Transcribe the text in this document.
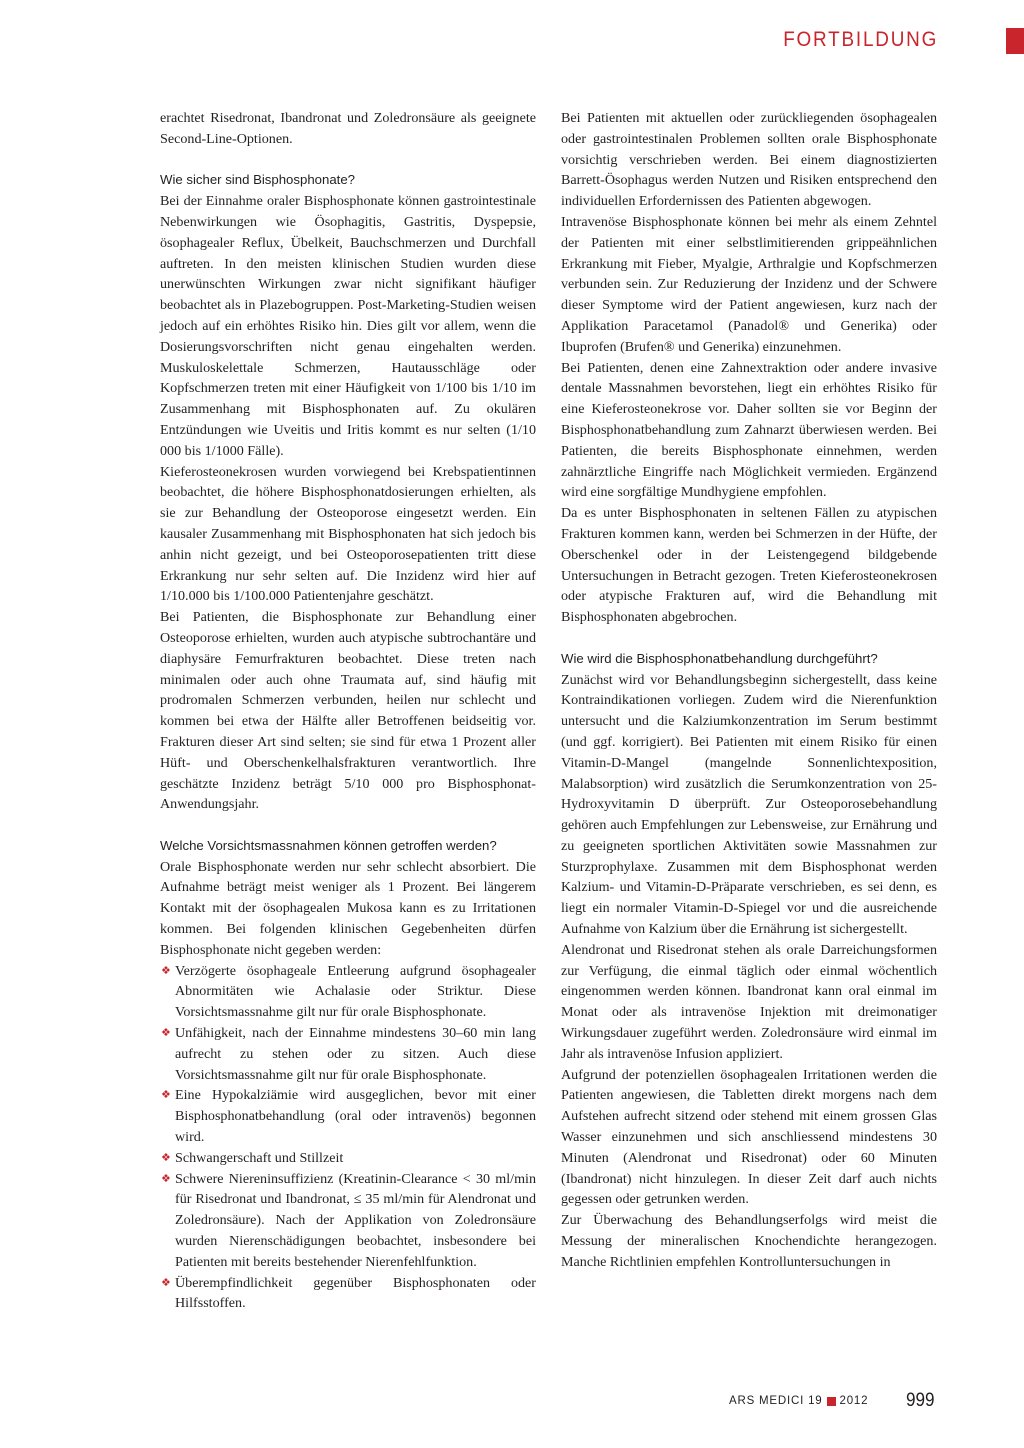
FORTBILDUNG

erachtet Risedronat, Ibandronat und Zoledronsäure als geeignete Second-Line-Optionen.

Wie sicher sind Bisphosphonate?

Bei der Einnahme oraler Bisphosphonate können gastrointestinale Nebenwirkungen wie Ösophagitis, Gastritis, Dyspepsie, ösophagealer Reflux, Übelkeit, Bauchschmerzen und Durchfall auftreten. In den meisten klinischen Studien wurden diese unerwünschten Wirkungen zwar nicht signifikant häufiger beobachtet als in Plazebogruppen. Post-Marketing-Studien weisen jedoch auf ein erhöhtes Risiko hin. Dies gilt vor allem, wenn die Dosierungsvorschriften nicht genau eingehalten werden. Muskuloskelettale Schmerzen, Hautausschläge oder Kopfschmerzen treten mit einer Häufigkeit von 1/100 bis 1/10 im Zusammenhang mit Bisphosphonaten auf. Zu okulären Entzündungen wie Uveitis und Iritis kommt es nur selten (1/10 000 bis 1/1000 Fälle).

Kieferosteonekrosen wurden vorwiegend bei Krebspatientinnen beobachtet, die höhere Bisphosphonatdosierungen erhielten, als sie zur Behandlung der Osteoporose eingesetzt werden. Ein kausaler Zusammenhang mit Bisphosphonaten hat sich jedoch bis anhin nicht gezeigt, und bei Osteoporosepatienten tritt diese Erkrankung nur sehr selten auf. Die Inzidenz wird hier auf 1/10.000 bis 1/100.000 Patientenjahre geschätzt.

Bei Patienten, die Bisphosphonate zur Behandlung einer Osteoporose erhielten, wurden auch atypische subtrochantäre und diaphysäre Femurfrakturen beobachtet. Diese treten nach minimalen oder auch ohne Traumata auf, sind häufig mit prodromalen Schmerzen verbunden, heilen nur schlecht und kommen bei etwa der Hälfte aller Betroffenen beidseitig vor. Frakturen dieser Art sind selten; sie sind für etwa 1 Prozent aller Hüft- und Oberschenkelhalsfrakturen verantwortlich. Ihre geschätzte Inzidenz beträgt 5/10 000 pro Bisphosphonat-Anwendungsjahr.

Welche Vorsichtsmassnahmen können getroffen werden?

Orale Bisphosphonate werden nur sehr schlecht absorbiert. Die Aufnahme beträgt meist weniger als 1 Prozent. Bei längerem Kontakt mit der ösophagealen Mukosa kann es zu Irritationen kommen. Bei folgenden klinischen Gegebenheiten dürfen Bisphosphonate nicht gegeben werden:

❖ Verzögerte ösophageale Entleerung aufgrund ösophagealer Abnormitäten wie Achalasie oder Striktur. Diese Vorsichtsmassnahme gilt nur für orale Bisphosphonate.
❖ Unfähigkeit, nach der Einnahme mindestens 30–60 min lang aufrecht zu stehen oder zu sitzen. Auch diese Vorsichtsmassnahme gilt nur für orale Bisphosphonate.
❖ Eine Hypokalziämie wird ausgeglichen, bevor mit einer Bisphosphonatbehandlung (oral oder intravenös) begonnen wird.
❖ Schwangerschaft und Stillzeit
❖ Schwere Niereninsuffizienz (Kreatinin-Clearance < 30 ml/min für Risedronat und Ibandronat, ≤ 35 ml/min für Alendronat und Zoledronsäure). Nach der Applikation von Zoledronsäure wurden Nierenschädigungen beobachtet, insbesondere bei Patienten mit bereits bestehender Nierenfehlfunktion.
❖ Überempfindlichkeit gegenüber Bisphosphonaten oder Hilfsstoffen.

Bei Patienten mit aktuellen oder zurückliegenden ösophagealen oder gastrointestinalen Problemen sollten orale Bisphosphonate vorsichtig verschrieben werden. Bei einem diagnostizierten Barrett-Ösophagus werden Nutzen und Risiken entsprechend den individuellen Erfordernissen des Patienten abgewogen.

Intravenöse Bisphosphonate können bei mehr als einem Zehntel der Patienten mit einer selbstlimitierenden grippeähnlichen Erkrankung mit Fieber, Myalgie, Arthralgie und Kopfschmerzen verbunden sein. Zur Reduzierung der Inzidenz und der Schwere dieser Symptome wird der Patient angewiesen, kurz nach der Applikation Paracetamol (Panadol® und Generika) oder Ibuprofen (Brufen® und Generika) einzunehmen.

Bei Patienten, denen eine Zahnextraktion oder andere invasive dentale Massnahmen bevorstehen, liegt ein erhöhtes Risiko für eine Kieferosteonekrose vor. Daher sollten sie vor Beginn der Bisphosphonatbehandlung zum Zahnarzt überwiesen werden. Bei Patienten, die bereits Bisphosphonate einnehmen, werden zahnärztliche Eingriffe nach Möglichkeit vermieden. Ergänzend wird eine sorgfältige Mundhygiene empfohlen.

Da es unter Bisphosphonaten in seltenen Fällen zu atypischen Frakturen kommen kann, werden bei Schmerzen in der Hüfte, der Oberschenkel oder in der Leistengegend bildgebende Untersuchungen in Betracht gezogen. Treten Kieferosteonekrosen oder atypische Frakturen auf, wird die Behandlung mit Bisphosphonaten abgebrochen.

Wie wird die Bisphosphonatbehandlung durchgeführt?

Zunächst wird vor Behandlungsbeginn sichergestellt, dass keine Kontraindikationen vorliegen. Zudem wird die Nierenfunktion untersucht und die Kalziumkonzentration im Serum bestimmt (und ggf. korrigiert). Bei Patienten mit einem Risiko für einen Vitamin-D-Mangel (mangelnde Sonnenlichtexposition, Malabsorption) wird zusätzlich die Serumkonzentration von 25-Hydroxyvitamin D überprüft. Zur Osteoporosebehandlung gehören auch Empfehlungen zur Lebensweise, zur Ernährung und zu geeigneten sportlichen Aktivitäten sowie Massnahmen zur Sturzprophylaxe. Zusammen mit dem Bisphosphonat werden Kalzium- und Vitamin-D-Präparate verschrieben, es sei denn, es liegt ein normaler Vitamin-D-Spiegel vor und die ausreichende Aufnahme von Kalzium über die Ernährung ist sichergestellt.

Alendronat und Risedronat stehen als orale Darreichungsformen zur Verfügung, die einmal täglich oder einmal wöchentlich eingenommen werden können. Ibandronat kann oral einmal im Monat oder als intravenöse Injektion mit dreimonatiger Wirkungsdauer zugeführt werden. Zoledronsäure wird einmal im Jahr als intravenöse Infusion appliziert.

Aufgrund der potenziellen ösophagealen Irritationen werden die Patienten angewiesen, die Tabletten direkt morgens nach dem Aufstehen aufrecht sitzend oder stehend mit einem grossen Glas Wasser einzunehmen und sich anschliessend mindestens 30 Minuten (Alendronat und Risedronat) oder 60 Minuten (Ibandronat) nicht hinzulegen. In dieser Zeit darf auch nichts gegessen oder getrunken werden.

Zur Überwachung des Behandlungserfolgs wird meist die Messung der mineralischen Knochendichte herangezogen. Manche Richtlinien empfehlen Kontrolluntersuchungen in

ARS MEDICI 19 2012 999
